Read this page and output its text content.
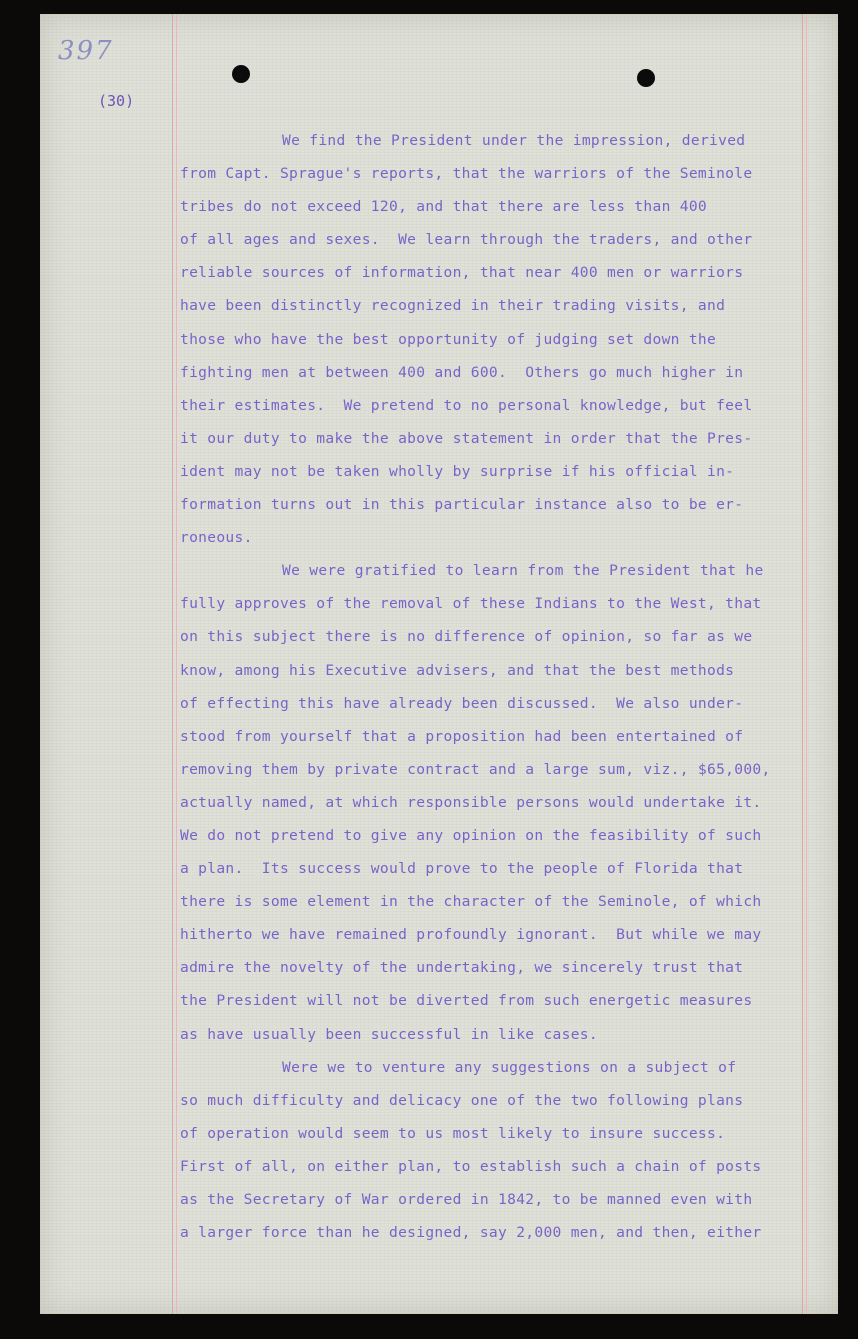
397
(30)
We find the President under the impression, derived
from Capt. Sprague's reports, that the warriors of the Seminole
tribes do not exceed 120, and that there are less than 400
of all ages and sexes.  We learn through the traders, and other
reliable sources of information, that near 400 men or warriors
have been distinctly recognized in their trading visits, and
those who have the best opportunity of judging set down the
fighting men at between 400 and 600.  Others go much higher in
their estimates.  We pretend to no personal knowledge, but feel
it our duty to make the above statement in order that the Pres-
ident may not be taken wholly by surprise if his official in-
formation turns out in this particular instance also to be er-
roneous.
We were gratified to learn from the President that he
fully approves of the removal of these Indians to the West, that
on this subject there is no difference of opinion, so far as we
know, among his Executive advisers, and that the best methods
of effecting this have already been discussed.  We also under-
stood from yourself that a proposition had been entertained of
removing them by private contract and a large sum, viz., $65,000,
actually named, at which responsible persons would undertake it.
We do not pretend to give any opinion on the feasibility of such
a plan.  Its success would prove to the people of Florida that
there is some element in the character of the Seminole, of which
hitherto we have remained profoundly ignorant.  But while we may
admire the novelty of the undertaking, we sincerely trust that
the President will not be diverted from such energetic measures
as have usually been successful in like cases.
Were we to venture any suggestions on a subject of
so much difficulty and delicacy one of the two following plans
of operation would seem to us most likely to insure success.
First of all, on either plan, to establish such a chain of posts
as the Secretary of War ordered in 1842, to be manned even with
a larger force than he designed, say 2,000 men, and then, either
